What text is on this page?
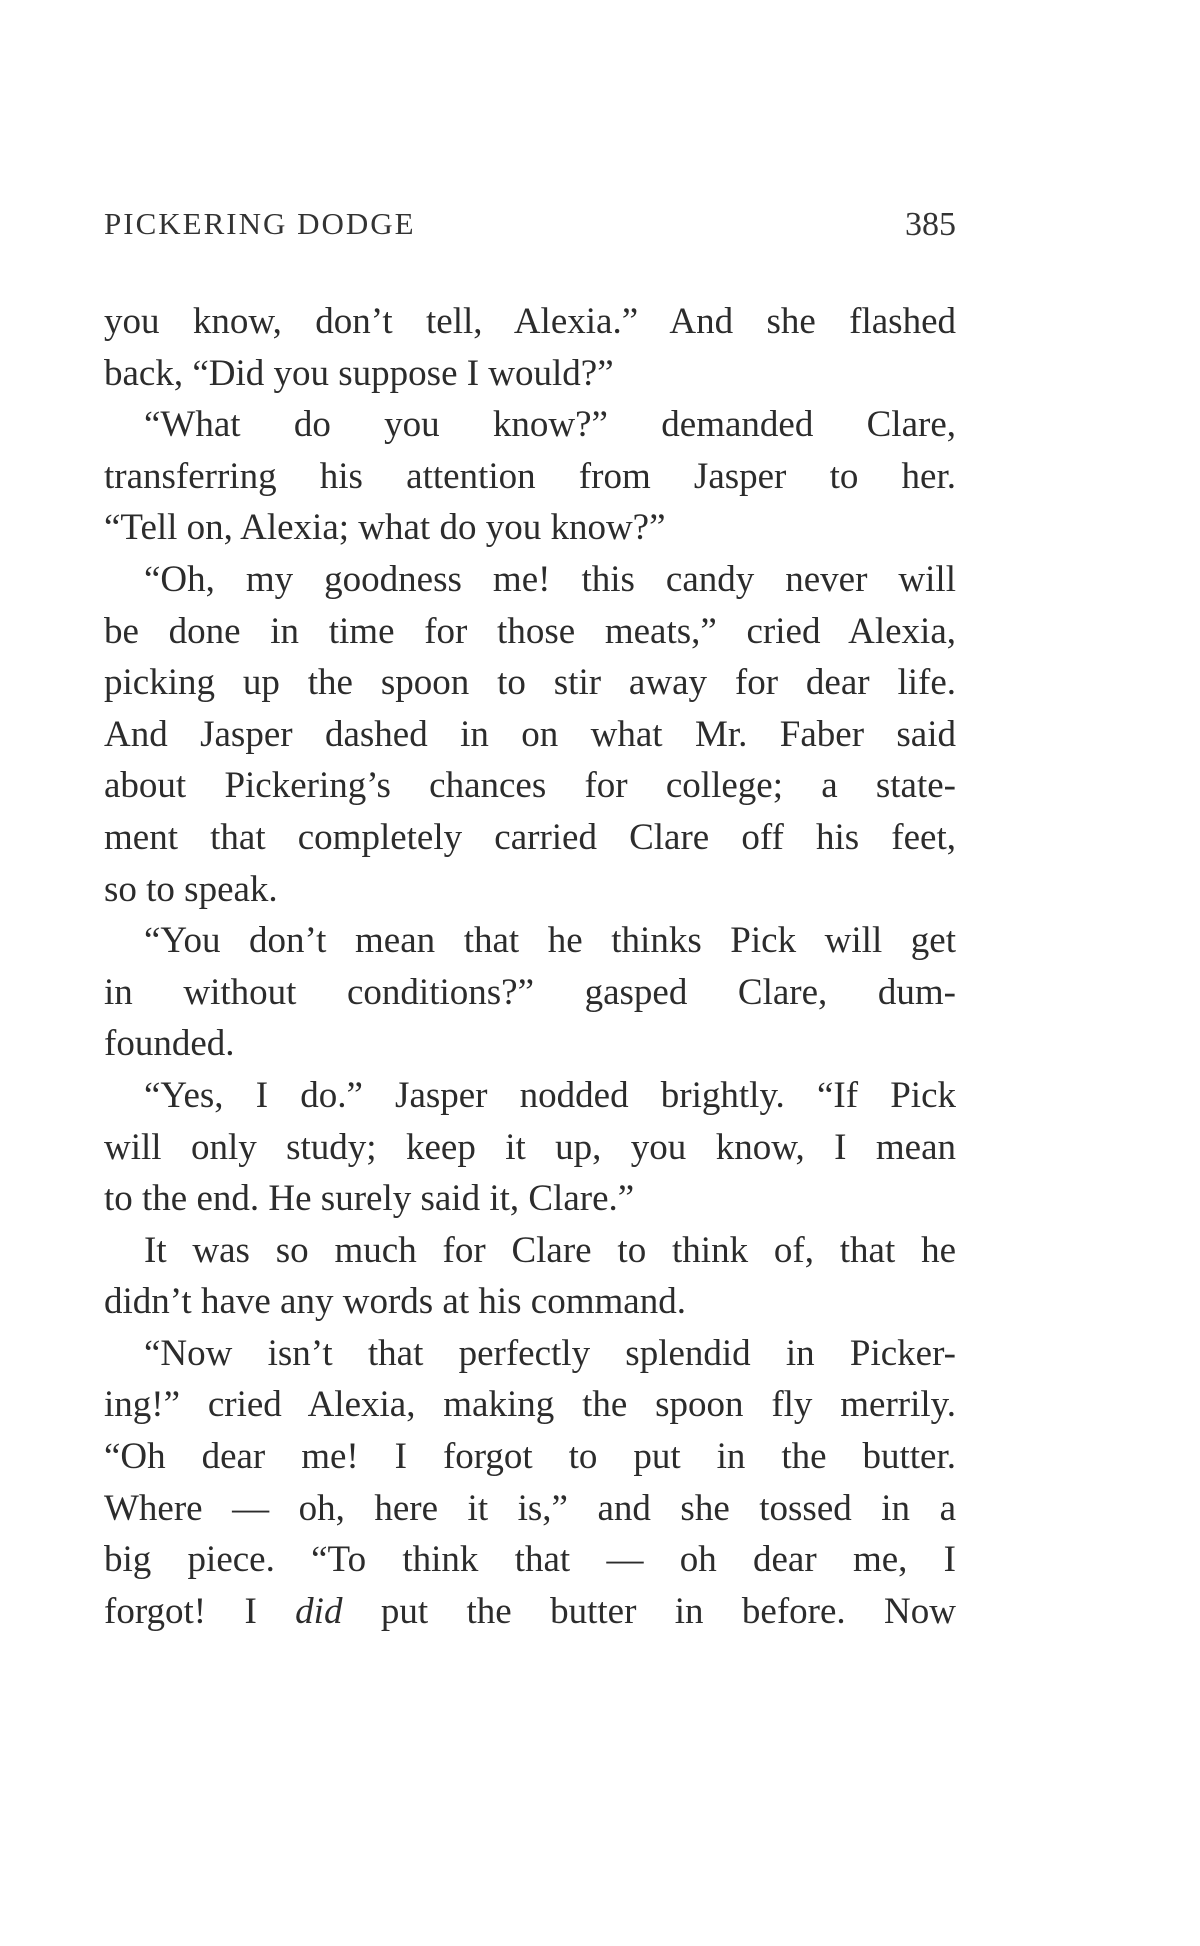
PICKERING DODGE	385
you know, don’t tell, Alexia.” And she flashed
back, “Did you suppose I would?”
“What do you know?” demanded Clare,
transferring his attention from Jasper to her.
“Tell on, Alexia; what do you know?”
“Oh, my goodness me! this candy never will
be done in time for those meats,” cried Alexia,
picking up the spoon to stir away for dear life.
And Jasper dashed in on what Mr. Faber said
about Pickering’s chances for college; a state-
ment that completely carried Clare off his feet,
so to speak.
“You don’t mean that he thinks Pick will get
in without conditions?” gasped Clare, dum-
founded.
“Yes, I do.” Jasper nodded brightly. “If Pick
will only study; keep it up, you know, I mean
to the end. He surely said it, Clare.”
It was so much for Clare to think of, that he
didn’t have any words at his command.
“Now isn’t that perfectly splendid in Picker-
ing!” cried Alexia, making the spoon fly merrily.
“Oh dear me! I forgot to put in the butter.
Where — oh, here it is,” and she tossed in a
big piece. “To think that — oh dear me, I
forgot! I did put the butter in before. Now
